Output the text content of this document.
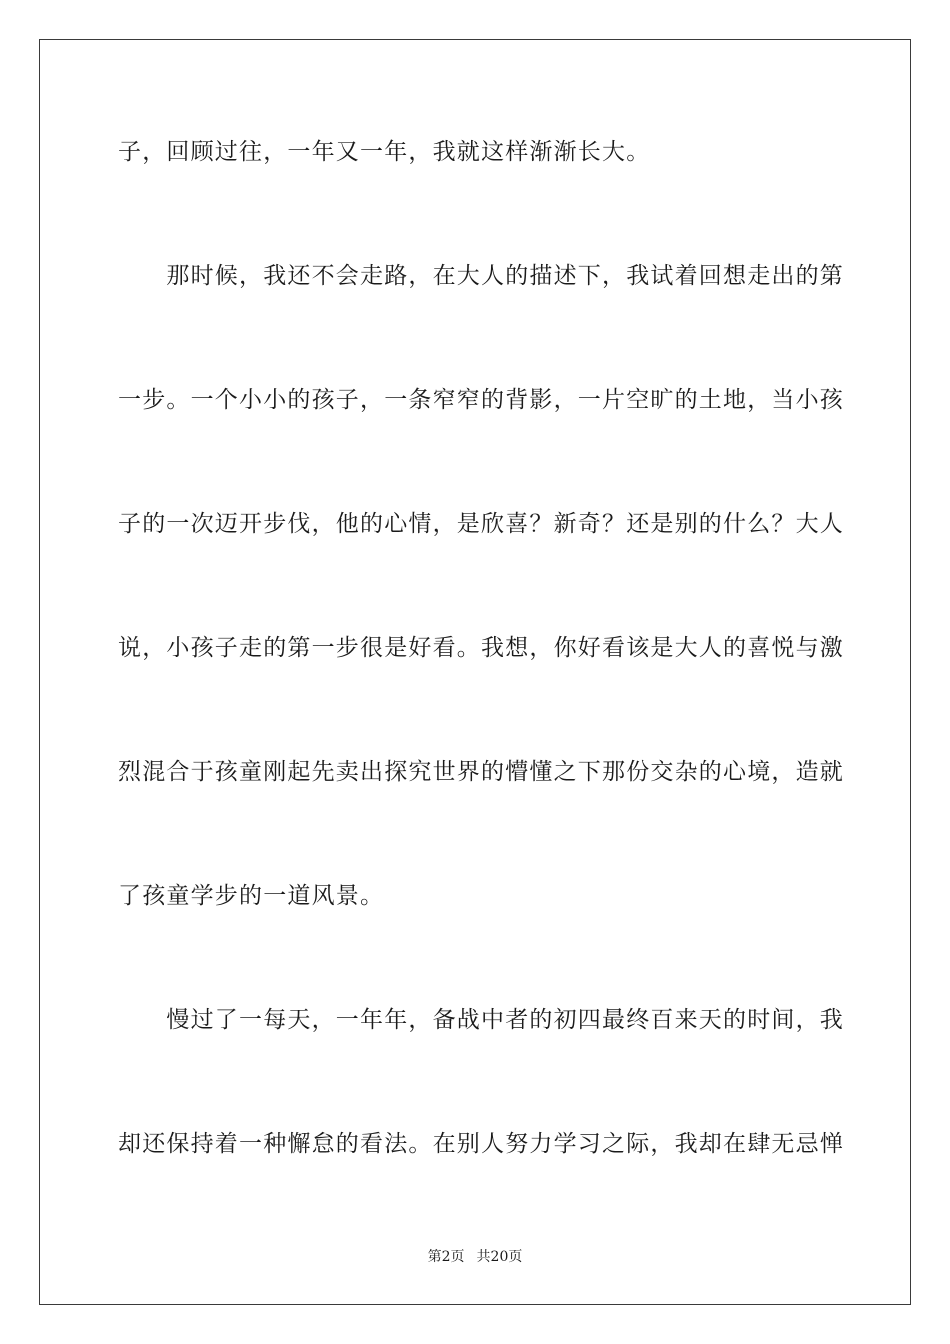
子，回顾过往，一年又一年，我就这样渐渐长大。
　　那时候，我还不会走路，在大人的描述下，我试着回想走出的第
一步。一个小小的孩子，一条窄窄的背影，一片空旷的土地，当小孩
子的一次迈开步伐，他的心情，是欣喜？新奇？还是别的什么？大人
说，小孩子走的第一步很是好看。我想，你好看该是大人的喜悦与激
烈混合于孩童刚起先卖出探究世界的懵懂之下那份交杂的心境，造就
了孩童学步的一道风景。
　　慢过了一每天，一年年，备战中者的初四最终百来天的时间，我
却还保持着一种懈怠的看法。在别人努力学习之际，我却在肆无忌惮
第2页 共20页
